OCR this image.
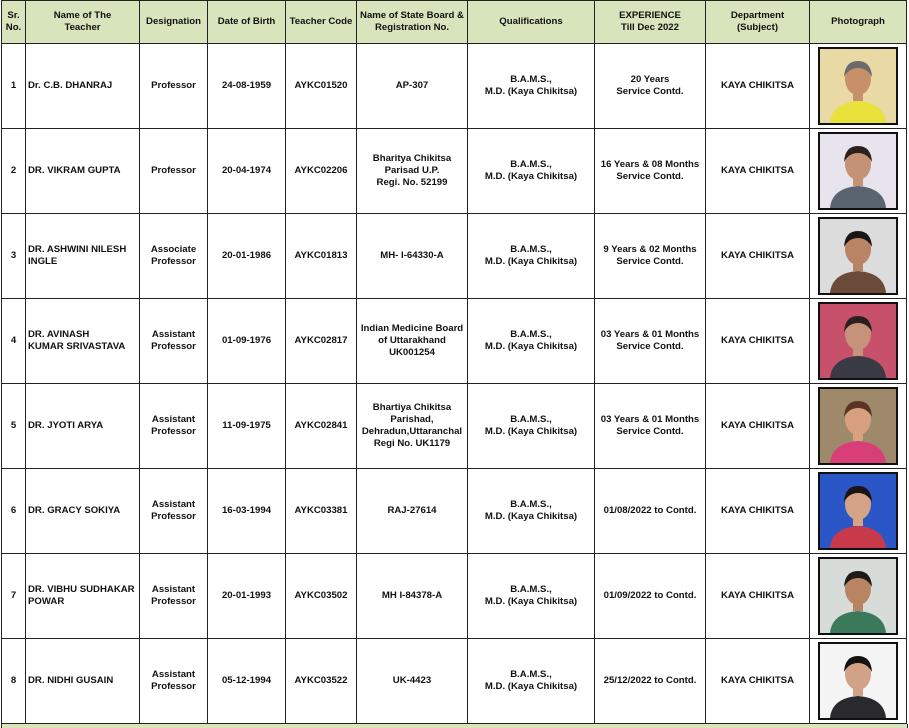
Sr.
No.	Name of The
Teacher	Designation	Date of Birth	Teacher Code	Name of State Board &
Registration No.	Qualifications	EXPERIENCE
Till Dec 2022	Department
(Subject)	Photograph
1	Dr. C.B. DHANRAJ	Professor	24-08-1959	AYKC01520	AP-307	B.A.M.S.,
M.D. (Kaya Chikitsa)	20 Years
Service Contd.	KAYA CHIKITSA	

2	DR. VIKRAM GUPTA	Professor	20-04-1974	AYKC02206	Bharitya Chikitsa
Parisad U.P.
Regi. No. 52199	B.A.M.S.,
M.D. (Kaya Chikitsa)	16 Years & 08 Months
Service Contd.	KAYA CHIKITSA	

3	DR. ASHWINI NILESH
INGLE	Associate
Professor	20-01-1986	AYKC01813	MH- I-64330-A	B.A.M.S.,
M.D. (Kaya Chikitsa)	9 Years & 02 Months
Service Contd.	KAYA CHIKITSA	

4	DR. AVINASH
KUMAR SRIVASTAVA	Assistant
Professor	01-09-1976	AYKC02817	Indian Medicine Board
of Uttarakhand
UK001254	B.A.M.S.,
M.D. (Kaya Chikitsa)	03 Years & 01 Months
Service Contd.	KAYA CHIKITSA	

5	DR. JYOTI ARYA	Assistant
Professor	11-09-1975	AYKC02841	Bhartiya Chikitsa
Parishad,
Dehradun,Uttaranchal
Regi No. UK1179	B.A.M.S.,
M.D. (Kaya Chikitsa)	03 Years & 01 Months
Service Contd.	KAYA CHIKITSA	

6	DR. GRACY SOKIYA	Assistant
Professor	16-03-1994	AYKC03381	RAJ-27614	B.A.M.S.,
M.D. (Kaya Chikitsa)	01/08/2022 to Contd.	KAYA CHIKITSA	

7	DR. VIBHU SUDHAKAR
POWAR	Assistant
Professor	20-01-1993	AYKC03502	MH I-84378-A	B.A.M.S.,
M.D. (Kaya Chikitsa)	01/09/2022 to Contd.	KAYA CHIKITSA	

8	DR. NIDHI GUSAIN	Assistant
Professor	05-12-1994	AYKC03522	UK-4423	B.A.M.S.,
M.D. (Kaya Chikitsa)	25/12/2022 to Contd.	KAYA CHIKITSA	
